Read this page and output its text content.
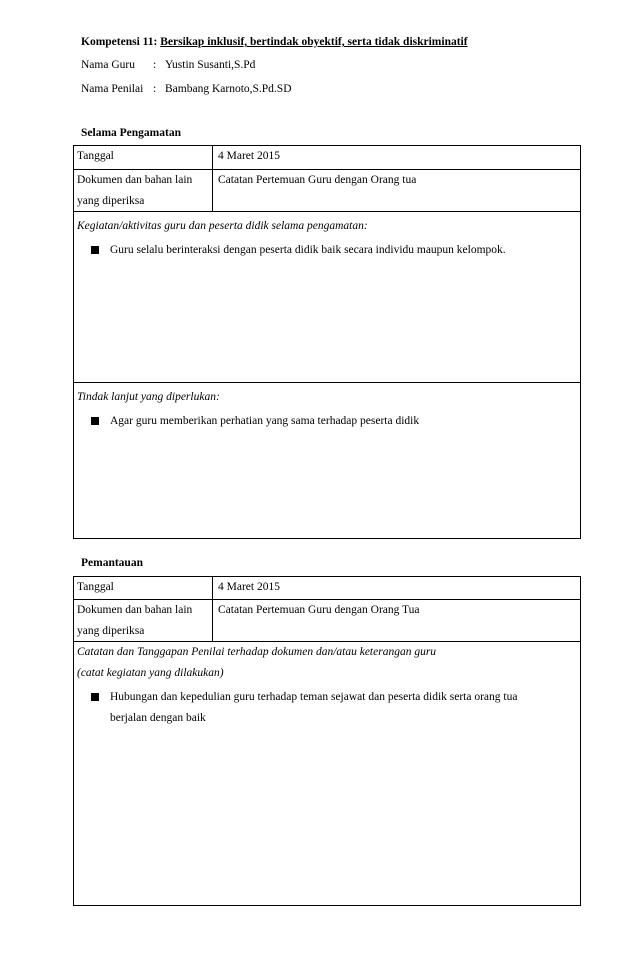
Kompetensi 11: Bersikap inklusif, bertindak obyektif, serta tidak diskriminatif
Nama Guru : Yustin Susanti,S.Pd
Nama Penilai : Bambang Karnoto,S.Pd.SD
Selama Pengamatan
Tanggal	4 Maret 2015
Dokumen dan bahan lain
yang diperiksa
Catatan Pertemuan Guru dengan Orang tua
Kegiatan/aktivitas guru dan peserta didik selama pengamatan:
Guru selalu berinteraksi dengan peserta didik baik secara individu maupun kelompok.
Tindak lanjut yang diperlukan:
Agar guru memberikan perhatian yang sama terhadap peserta didik
Pemantauan
Tanggal	4 Maret 2015
Dokumen dan bahan lain
yang diperiksa
Catatan Pertemuan Guru dengan Orang Tua
Catatan dan Tanggapan Penilai terhadap dokumen dan/atau keterangan guru
(catat kegiatan yang dilakukan)
Hubungan dan kepedulian guru terhadap teman sejawat dan peserta didik serta orang tua
berjalan dengan baik
